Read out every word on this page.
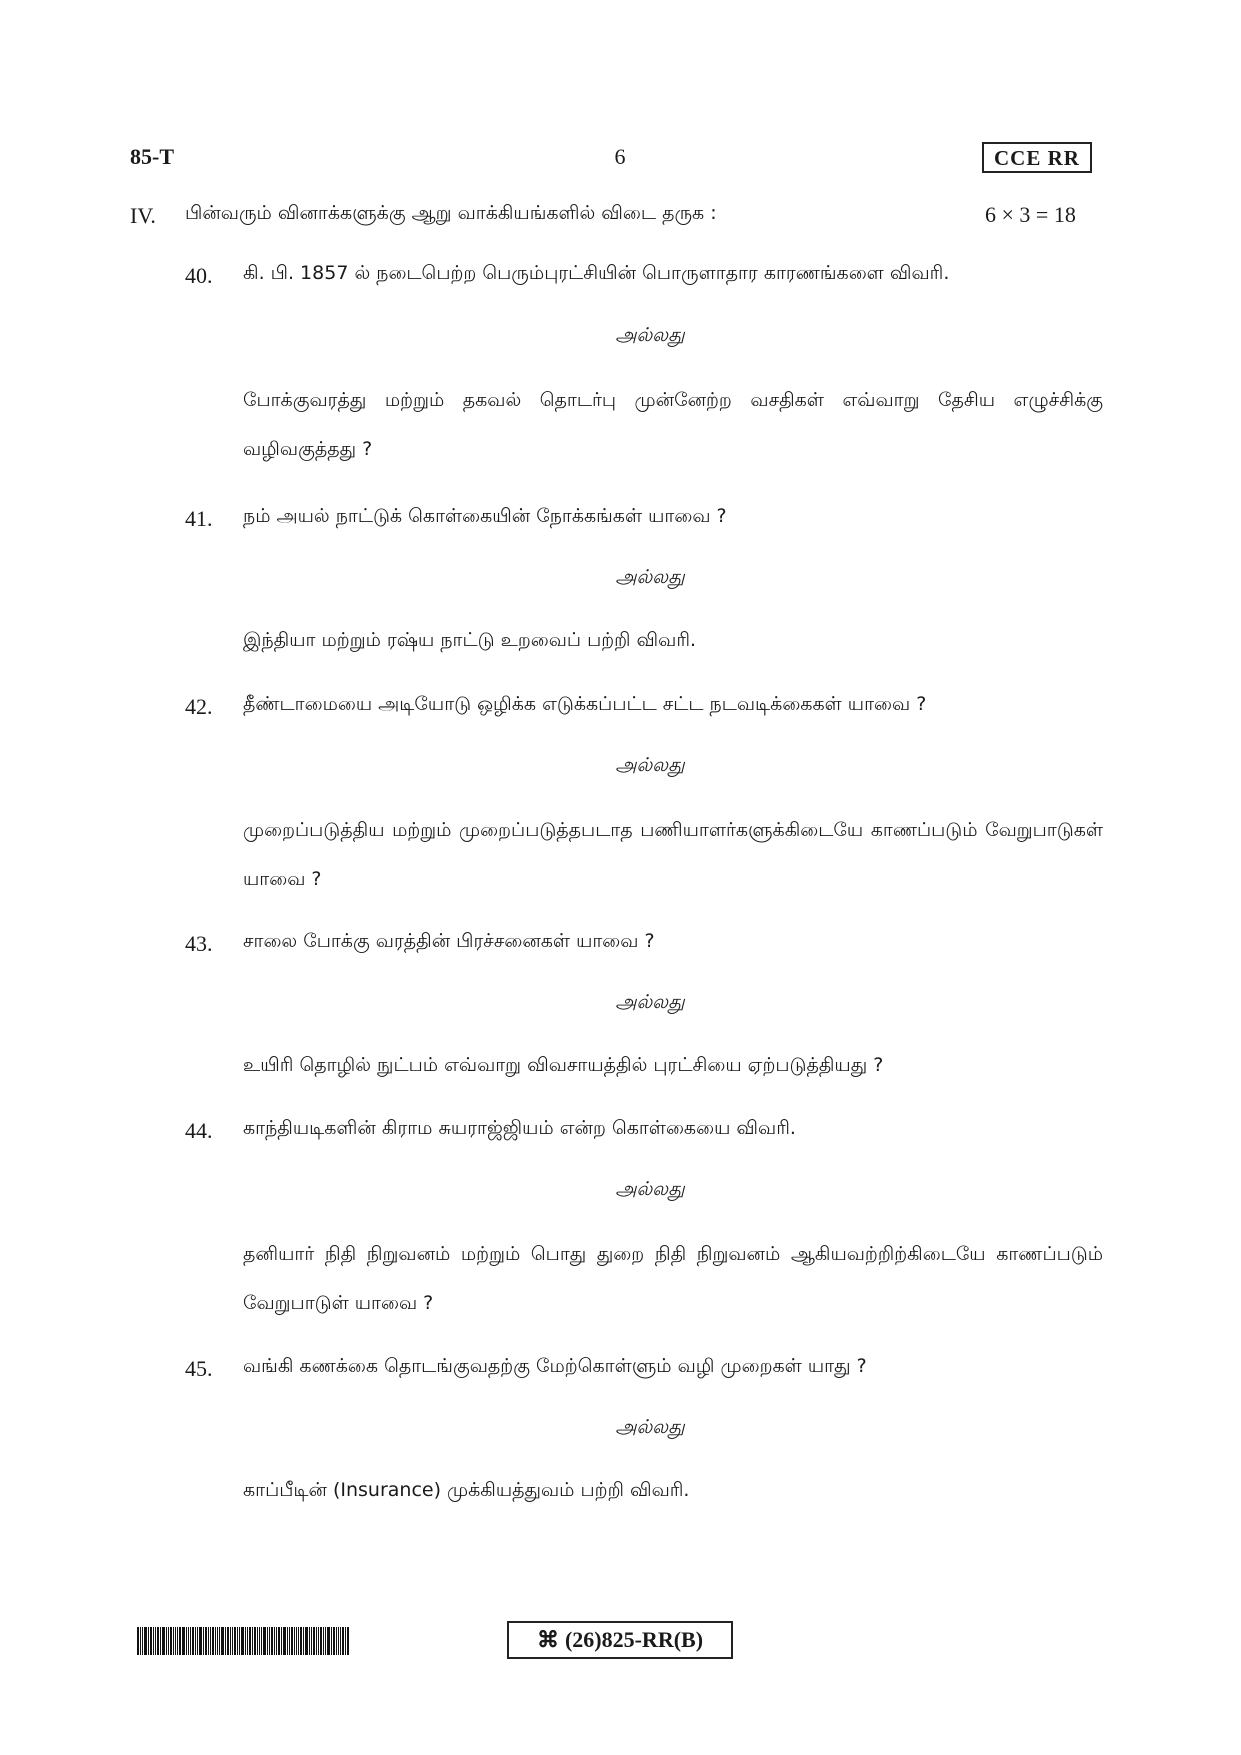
85-T	6	CCE RR
IV. பின்வரும் வினாக்களுக்கு ஆறு வாக்கியங்களில் விடை தருக :	6 × 3 = 18
40. கி. பி. 1857 ல் நடைபெற்ற பெரும்புரட்சியின் பொருளாதார காரணங்களை விவரி.
அல்லது
போக்குவரத்து மற்றும் தகவல் தொடர்பு முன்னேற்ற வசதிகள் எவ்வாறு தேசிய எழுச்சிக்கு வழிவகுத்தது ?
41. நம் அயல் நாட்டுக் கொள்கையின் நோக்கங்கள் யாவை ?
அல்லது
இந்தியா மற்றும் ரஷ்ய நாட்டு உறவைப் பற்றி விவரி.
42. தீண்டாமையை அடியோடு ஒழிக்க எடுக்கப்பட்ட சட்ட நடவடிக்கைகள் யாவை ?
அல்லது
முறைப்படுத்திய மற்றும் முறைப்படுத்தபடாத பணியாளர்களுக்கிடையே காணப்படும் வேறுபாடுகள் யாவை ?
43. சாலை போக்கு வரத்தின் பிரச்சனைகள் யாவை ?
அல்லது
உயிரி தொழில் நுட்பம் எவ்வாறு விவசாயத்தில் புரட்சியை ஏற்படுத்தியது ?
44. காந்தியடிகளின் கிராம சுயராஜ்ஜியம் என்ற கொள்கையை விவரி.
அல்லது
தனியார் நிதி நிறுவனம் மற்றும் பொது துறை நிதி நிறுவனம் ஆகியவற்றிற்கிடையே காணப்படும் வேறுபாடுள் யாவை ?
45. வங்கி கணக்கை தொடங்குவதற்கு மேற்கொள்ளும் வழி முறைகள் யாது ?
அல்லது
காப்பீடின் (Insurance) முக்கியத்துவம் பற்றி விவரி.
⌘ (26)825-RR(B)
